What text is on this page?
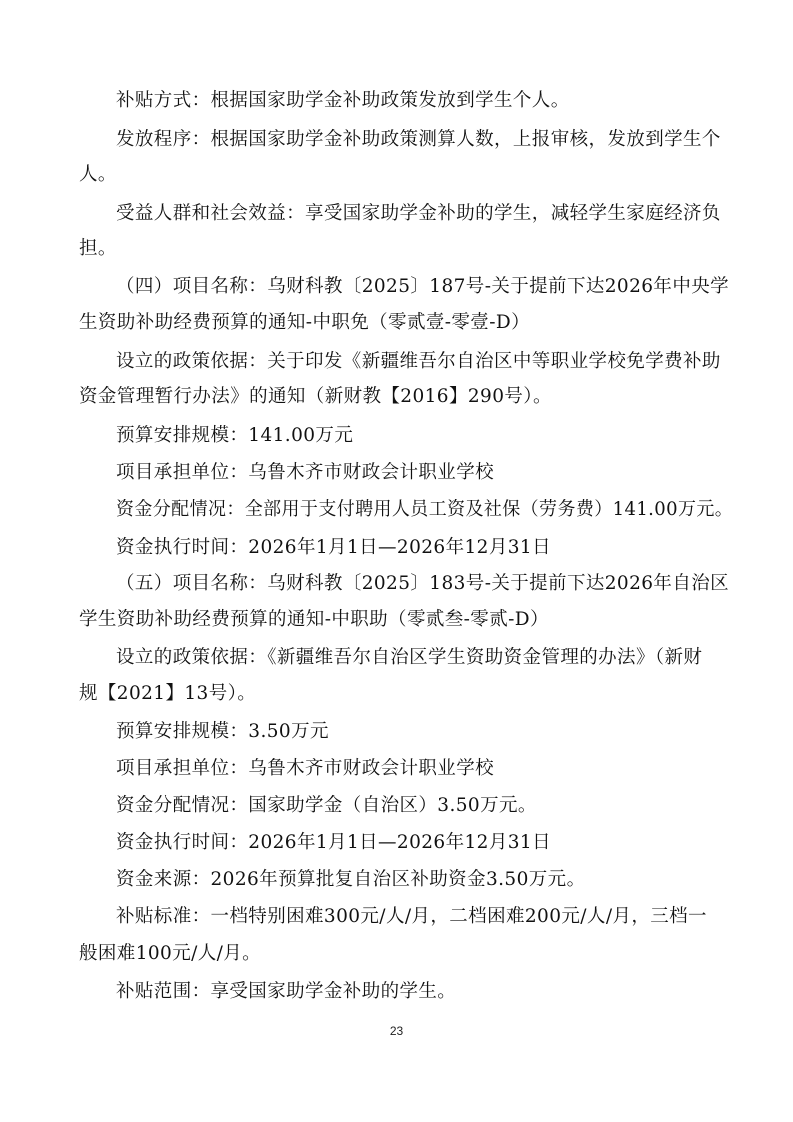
补贴方式：根据国家助学金补助政策发放到学生个人。
发放程序：根据国家助学金补助政策测算人数，上报审核，发放到学生个
人。
受益人群和社会效益：享受国家助学金补助的学生，减轻学生家庭经济负
担。
（四）项目名称：乌财科教〔2025〕187号-关于提前下达2026年中央学
生资助补助经费预算的通知-中职免（零贰壹-零壹-D）
设立的政策依据：关于印发《新疆维吾尔自治区中等职业学校免学费补助
资金管理暂行办法》的通知（新财教【2016】290号）。
预算安排规模：141.00万元
项目承担单位：乌鲁木齐市财政会计职业学校
资金分配情况：全部用于支付聘用人员工资及社保（劳务费）141.00万元。
资金执行时间：2026年1月1日—2026年12月31日
（五）项目名称：乌财科教〔2025〕183号-关于提前下达2026年自治区
学生资助补助经费预算的通知-中职助（零贰叁-零贰-D）
设立的政策依据：《新疆维吾尔自治区学生资助资金管理的办法》（新财
规【2021】13号）。
预算安排规模：3.50万元
项目承担单位：乌鲁木齐市财政会计职业学校
资金分配情况：国家助学金（自治区）3.50万元。
资金执行时间：2026年1月1日—2026年12月31日
资金来源：2026年预算批复自治区补助资金3.50万元。
补贴标准：一档特别困难300元/人/月，二档困难200元/人/月，三档一
般困难100元/人/月。
补贴范围：享受国家助学金补助的学生。
23
